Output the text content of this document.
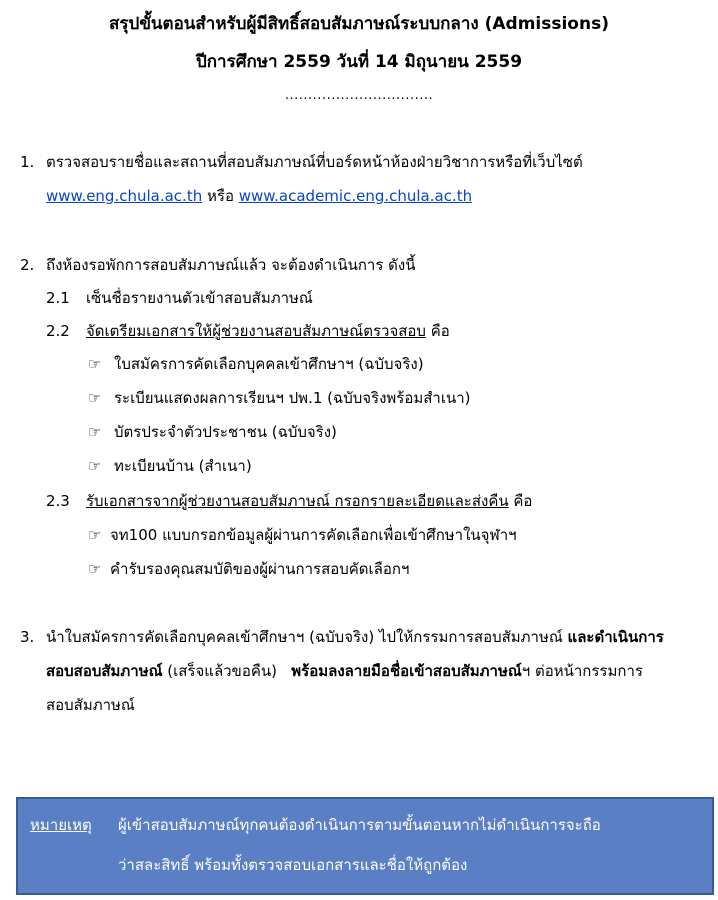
สรุปขั้นตอนสำหรับผู้มีสิทธิ์สอบสัมภาษณ์ระบบกลาง (Admissions)
ปีการศึกษา 2559 วันที่ 14 มิถุนายน 2559
................................
1. ตรวจสอบรายชื่อและสถานที่สอบสัมภาษณ์ที่บอร์ดหน้าห้องฝ่ายวิชาการหรือที่เว็บไซต์
www.eng.chula.ac.th หรือ www.academic.eng.chula.ac.th
2. ถึงห้องรอพักการสอบสัมภาษณ์แล้ว จะต้องดำเนินการ ดังนี้
2.1 เซ็นชื่อรายงานตัวเข้าสอบสัมภาษณ์
2.2 จัดเตรียมเอกสารให้ผู้ช่วยงานสอบสัมภาษณ์ตรวจสอบ คือ
☞ ใบสมัครการคัดเลือกบุคคลเข้าศึกษาฯ (ฉบับจริง)
☞ ระเบียนแสดงผลการเรียนฯ ปพ.1 (ฉบับจริงพร้อมสำเนา)
☞ บัตรประจำตัวประชาชน (ฉบับจริง)
☞ ทะเบียนบ้าน (สำเนา)
2.3 รับเอกสารจากผู้ช่วยงานสอบสัมภาษณ์ กรอกรายละเอียดและส่งคืน คือ
☞ จท100 แบบกรอกข้อมูลผู้ผ่านการคัดเลือกเพื่อเข้าศึกษาในจุฬาฯ
☞ คำรับรองคุณสมบัติของผู้ผ่านการสอบคัดเลือกฯ
3. นำใบสมัครการคัดเลือกบุคคลเข้าศึกษาฯ (ฉบับจริง) ไปให้กรรมการสอบสัมภาษณ์ และดำเนินการ
สอบสอบสัมภาษณ์ (เสร็จแล้วขอคืน)   พร้อมลงลายมือชื่อเข้าสอบสัมภาษณ์ฯ ต่อหน้ากรรมการ
สอบสัมภาษณ์
หมายเหตุ ผู้เข้าสอบสัมภาษณ์ทุกคนต้องดำเนินการตามขั้นตอนหากไม่ดำเนินการจะถือ
ว่าสละสิทธิ์ พร้อมทั้งตรวจสอบเอกสารและชื่อให้ถูกต้อง
